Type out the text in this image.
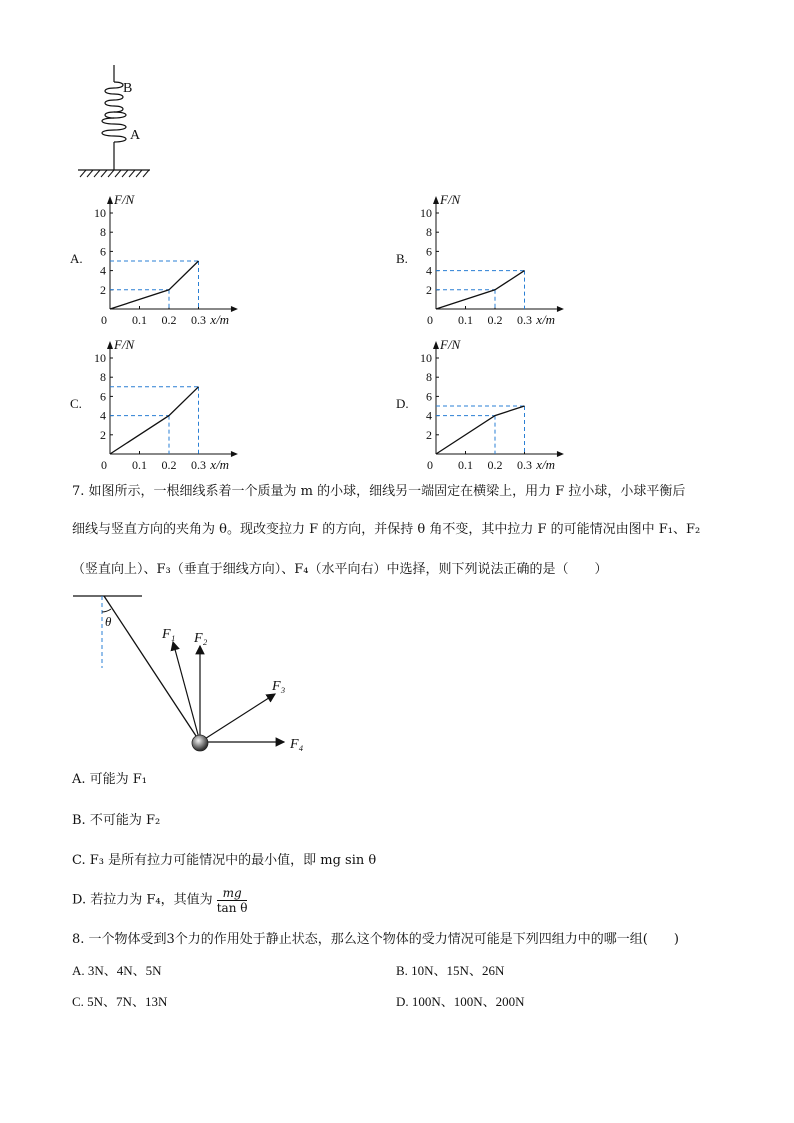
B
A
A.
10
8
6
4
2
0 0.1 0.2 0.3
F/N
x/m
B.
10
8
6
4
2
0 0.1 0.2 0.3
F/N
x/m
C.
10
8
6
4
2
0 0.1 0.2 0.3
F/N
x/m
D.
10
8
6
4
2
0 0.1 0.2 0.3
F/N
x/m
7. 如图所示，一根细线系着一个质量为 m 的小球，细线另一端固定在横梁上，用力 F 拉小球，小球平衡后
细线与竖直方向的夹角为 θ。现改变拉力 F 的方向，并保持 θ 角不变，其中拉力 F 的可能情况由图中 F₁、F₂
（竖直向上）、F₃（垂直于细线方向）、F₄（水平向右）中选择，则下列说法正确的是（　　）
θ
F₁ F₂
F₃
F₄
A. 可能为 F₁
B. 不可能为 F₂
C. F₃ 是所有拉力可能情况中的最小值，即 mg sin θ
D. 若拉力为 F₄，其值为 $\frac{mg}{\text{tan θ}}$
8. 一个物体受到3个力的作用处于静止状态，那么这个物体的受力情况可能是下列四组力中的哪一组(　　)
A. 3N、4N、5N	B. 10N、15N、26N
C. 5N、7N、13N	D. 100N、100N、200N
